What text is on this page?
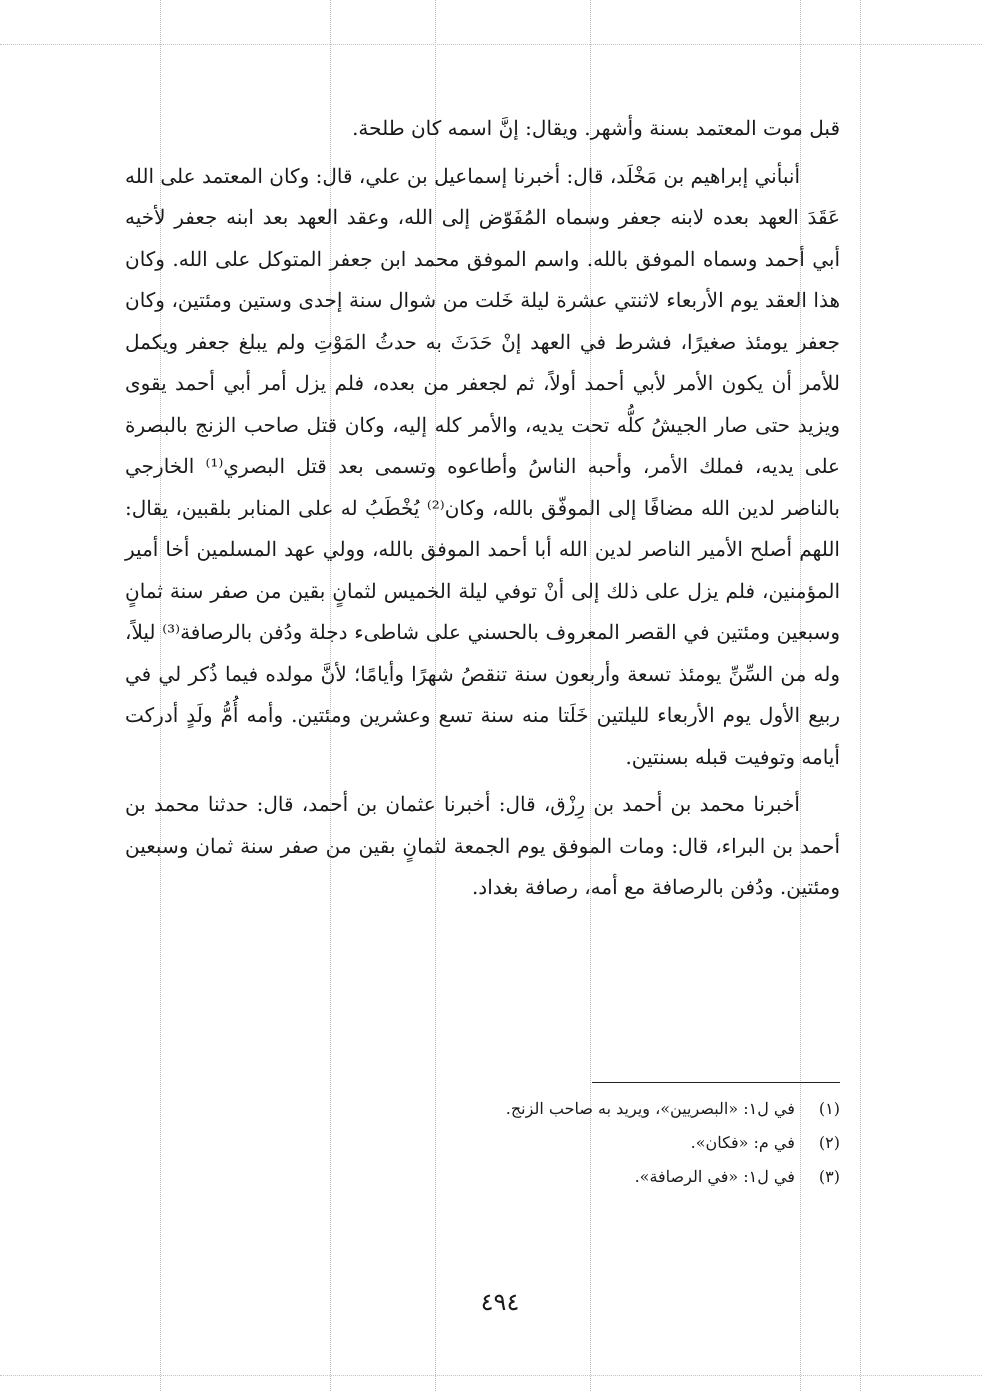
قبل موت المعتمد بسنة وأشهر. ويقال: إنَّ اسمه كان طلحة.

أنبأني إبراهيم بن مَخْلَد، قال: أخبرنا إسماعيل بن علي، قال: وكان المعتمد على الله عَقَدَ العهد بعده لابنه جعفر وسماه المُفَوّض إلى الله، وعقد العهد بعد ابنه جعفر لأخيه أبي أحمد وسماه الموفق بالله. واسم الموفق محمد ابن جعفر المتوكل على الله. وكان هذا العقد يوم الأربعاء لاثنتي عشرة ليلة خَلت من شوال سنة إحدى وستين ومئتين، وكان جعفر يومئذ صغيرًا، فشرط في العهد إنْ حَدَثَ به حدثُ المَوْتِ ولم يبلغ جعفر ويكمل للأمر أن يكون الأمر لأبي أحمد أولاً، ثم لجعفر من بعده، فلم يزل أمر أبي أحمد يقوى ويزيد حتى صار الجيشُ كلُّه تحت يديه، والأمر كله إليه، وكان قتل صاحب الزنج بالبصرة على يديه، فملك الأمر، وأحبه الناسُ وأطاعوه وتسمى بعد قتل البصري⁽¹⁾ الخارجي بالناصر لدين الله مضافًا إلى الموفّق بالله، وكان⁽²⁾ يُخْطَبُ له على المنابر بلقبين، يقال: اللهم أصلح الأمير الناصر لدين الله أبا أحمد الموفق بالله، وولي عهد المسلمين أخا أمير المؤمنين، فلم يزل على ذلك إلى أنْ توفي ليلة الخميس لثمانٍ بقين من صفر سنة ثمانٍ وسبعين ومئتين في القصر المعروف بالحسني على شاطىء دجلة ودُفن بالرصافة⁽³⁾ ليلاً، وله من السِّنِّ يومئذ تسعة وأربعون سنة تنقصُ شهرًا وأيامًا؛ لأنَّ مولده فيما ذُكر لي في ربيع الأول يوم الأربعاء لليلتين خَلَتا منه سنة تسع وعشرين ومئتين. وأمه أُمُّ ولَدٍ أدركت أيامه وتوفيت قبله بسنتين.

أخبرنا محمد بن أحمد بن رِزْق، قال: أخبرنا عثمان بن أحمد، قال: حدثنا محمد بن أحمد بن البراء، قال: ومات الموفق يوم الجمعة لثمانٍ بقين من صفر سنة ثمان وسبعين ومئتين. ودُفن بالرصافة مع أمه، رصافة بغداد.

(١) في ل١: «البصريين»، ويريد به صاحب الزنج.
(٢) في م: «فكان».
(٣) في ل١: «في الرصافة».
٤٩٤
